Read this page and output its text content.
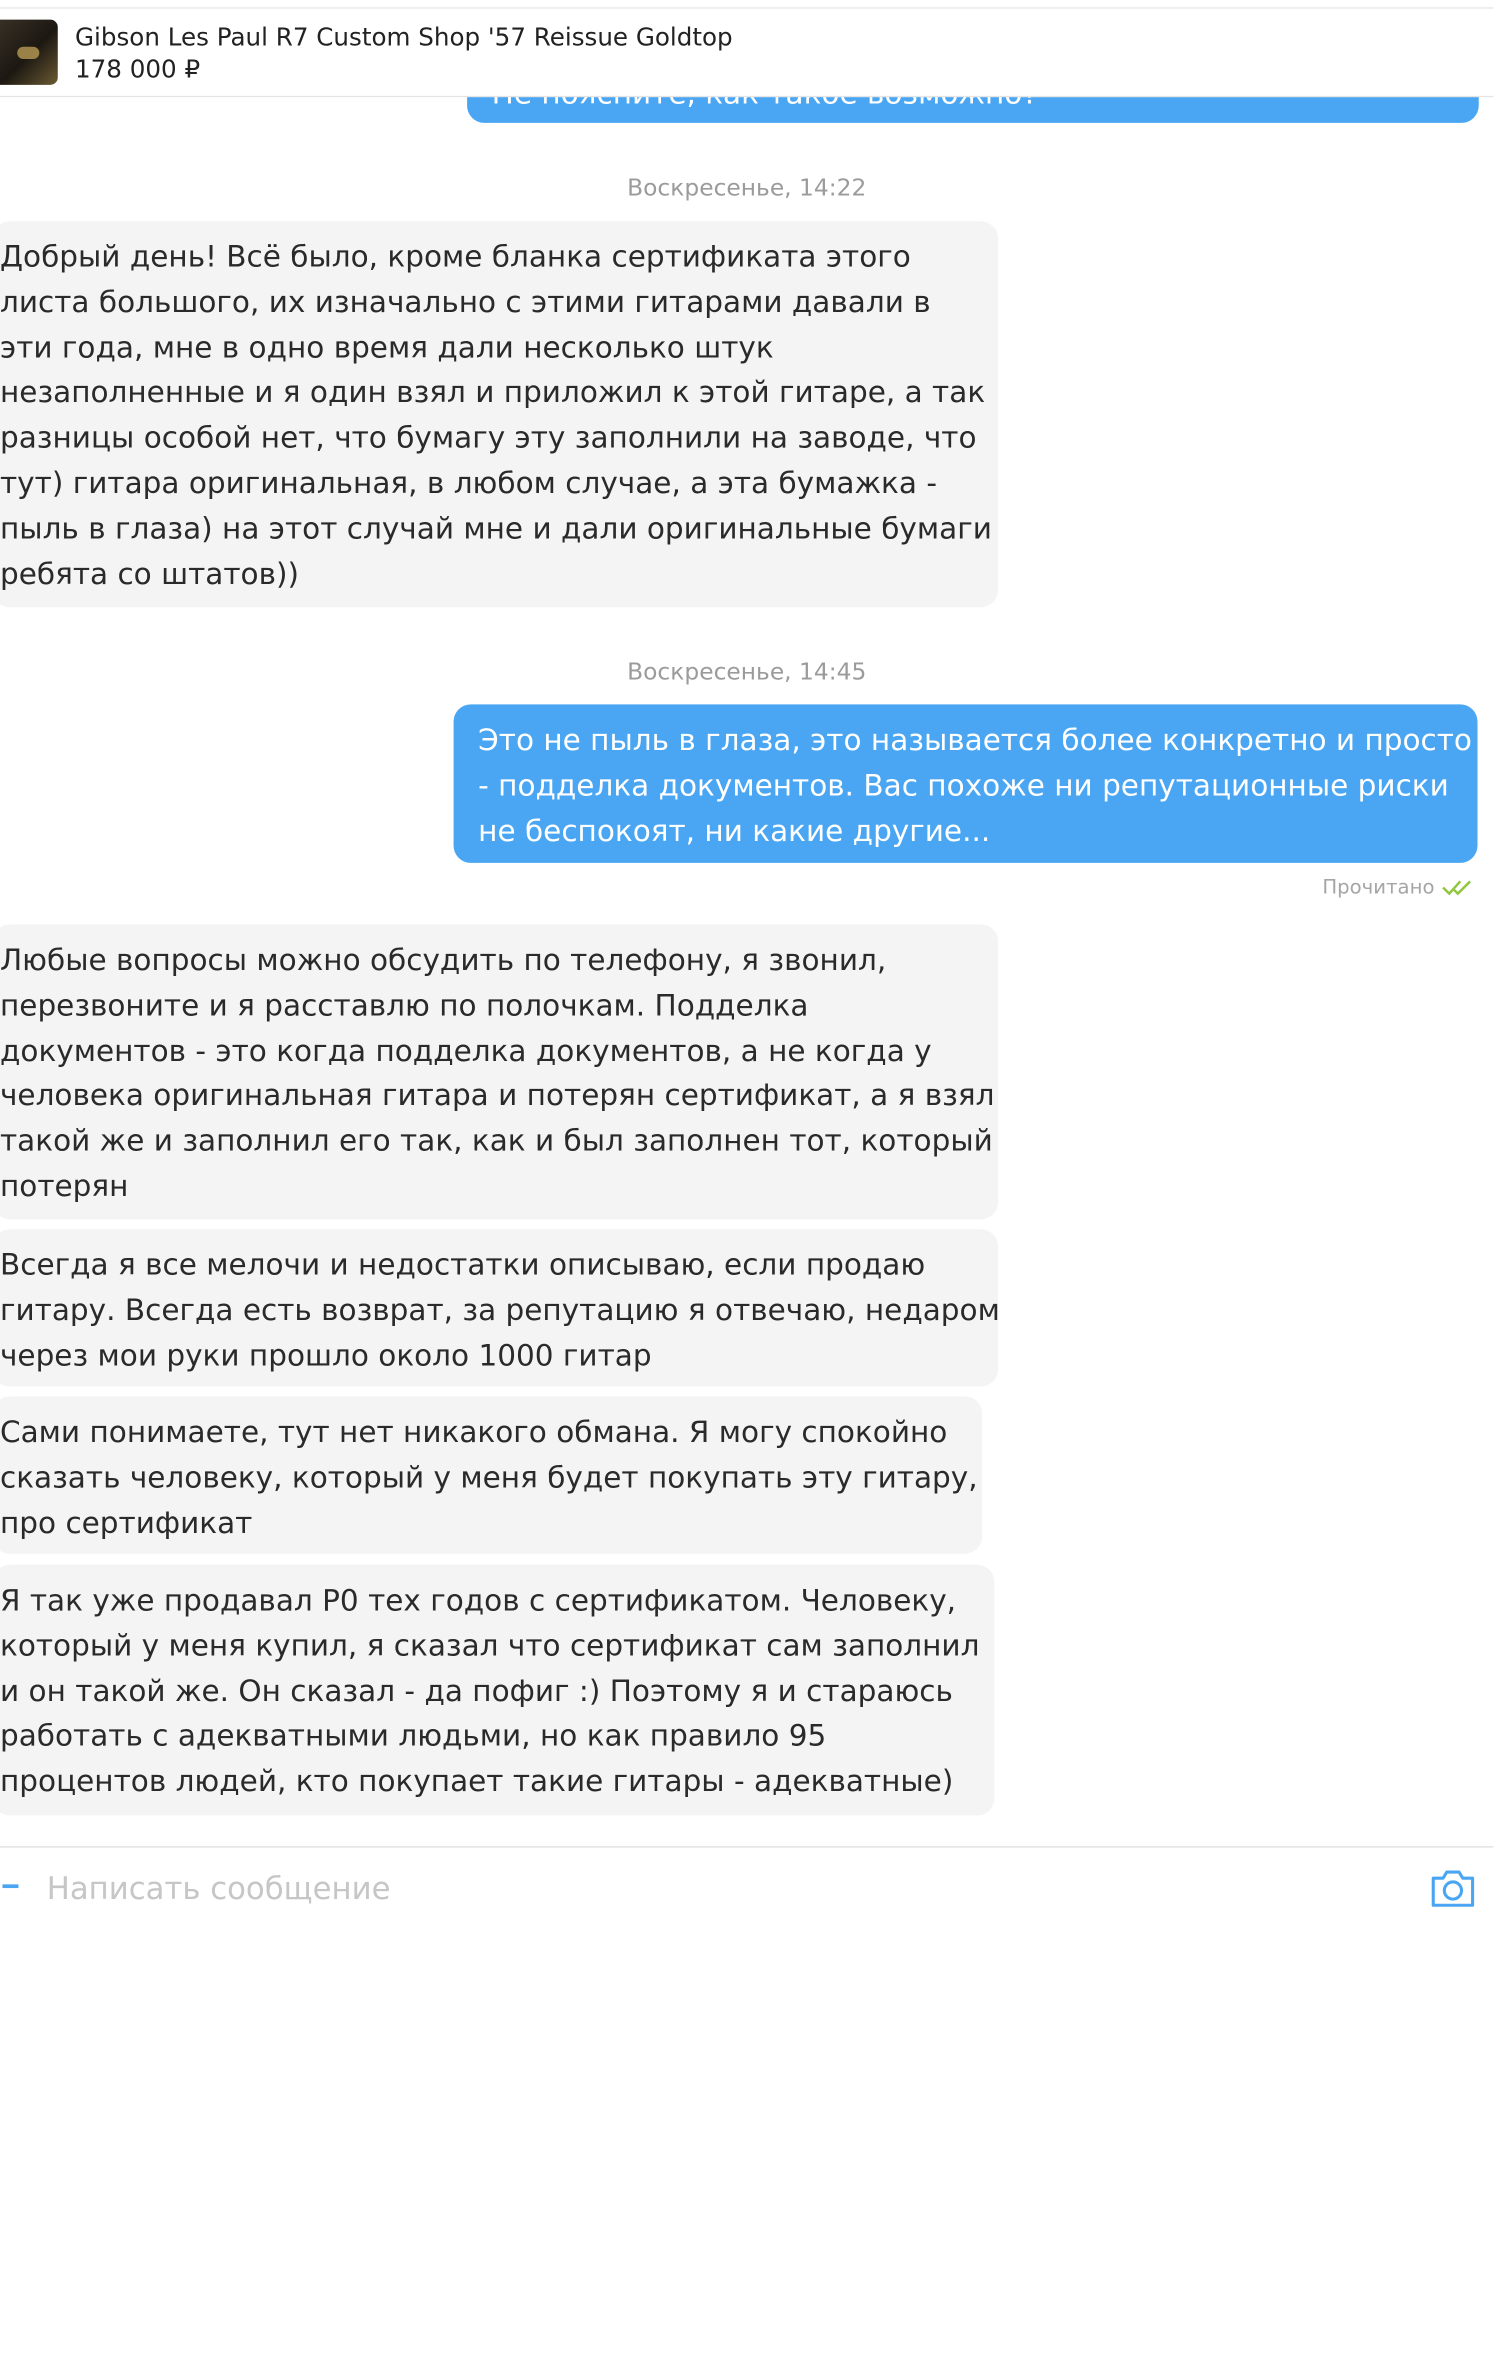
Воскресенье, 14:22
Добрый день! Всё было, кроме бланка сертификата этого
листа большого, их изначально с этими гитарами давали в
эти года, мне в одно время дали несколько штук
незаполненные и я один взял и приложил к этой гитаре, а так
разницы особой нет, что бумагу эту заполнили на заводе, что
тут) гитара оригинальная, в любом случае, а эта бумажка -
пыль в глаза) на этот случай мне и дали оригинальные бумаги
ребята со штатов))
Воскресенье, 14:45
Это не пыль в глаза, это называется более конкретно и просто
- подделка документов. Вас похоже ни репутационные риски
не беспокоят, ни какие другие...
Прочитано
Любые вопросы можно обсудить по телефону, я звонил,
перезвоните и я расставлю по полочкам. Подделка
документов - это когда подделка документов, а не когда у
человека оригинальная гитара и потерян сертификат, а я взял
такой же и заполнил его так, как и был заполнен тот, который
потерян
Всегда я все мелочи и недостатки описываю, если продаю
гитару. Всегда есть возврат, за репутацию я отвечаю, недаром
через мои руки прошло около 1000 гитар
Сами понимаете, тут нет никакого обмана. Я могу спокойно
сказать человеку, который у меня будет покупать эту гитару,
про сертификат
Я так уже продавал Р0 тех годов с сертификатом. Человеку,
который у меня купил, я сказал что сертификат сам заполнил
и он такой же. Он сказал - да пофиг :) Поэтому я и стараюсь
работать с адекватными людьми, но как правило 95
процентов людей, кто покупает такие гитары - адекватные)
Gibson Les Paul R7 Custom Shop '57 Reissue Goldtop
178 000 ₽
Написать сообщение
